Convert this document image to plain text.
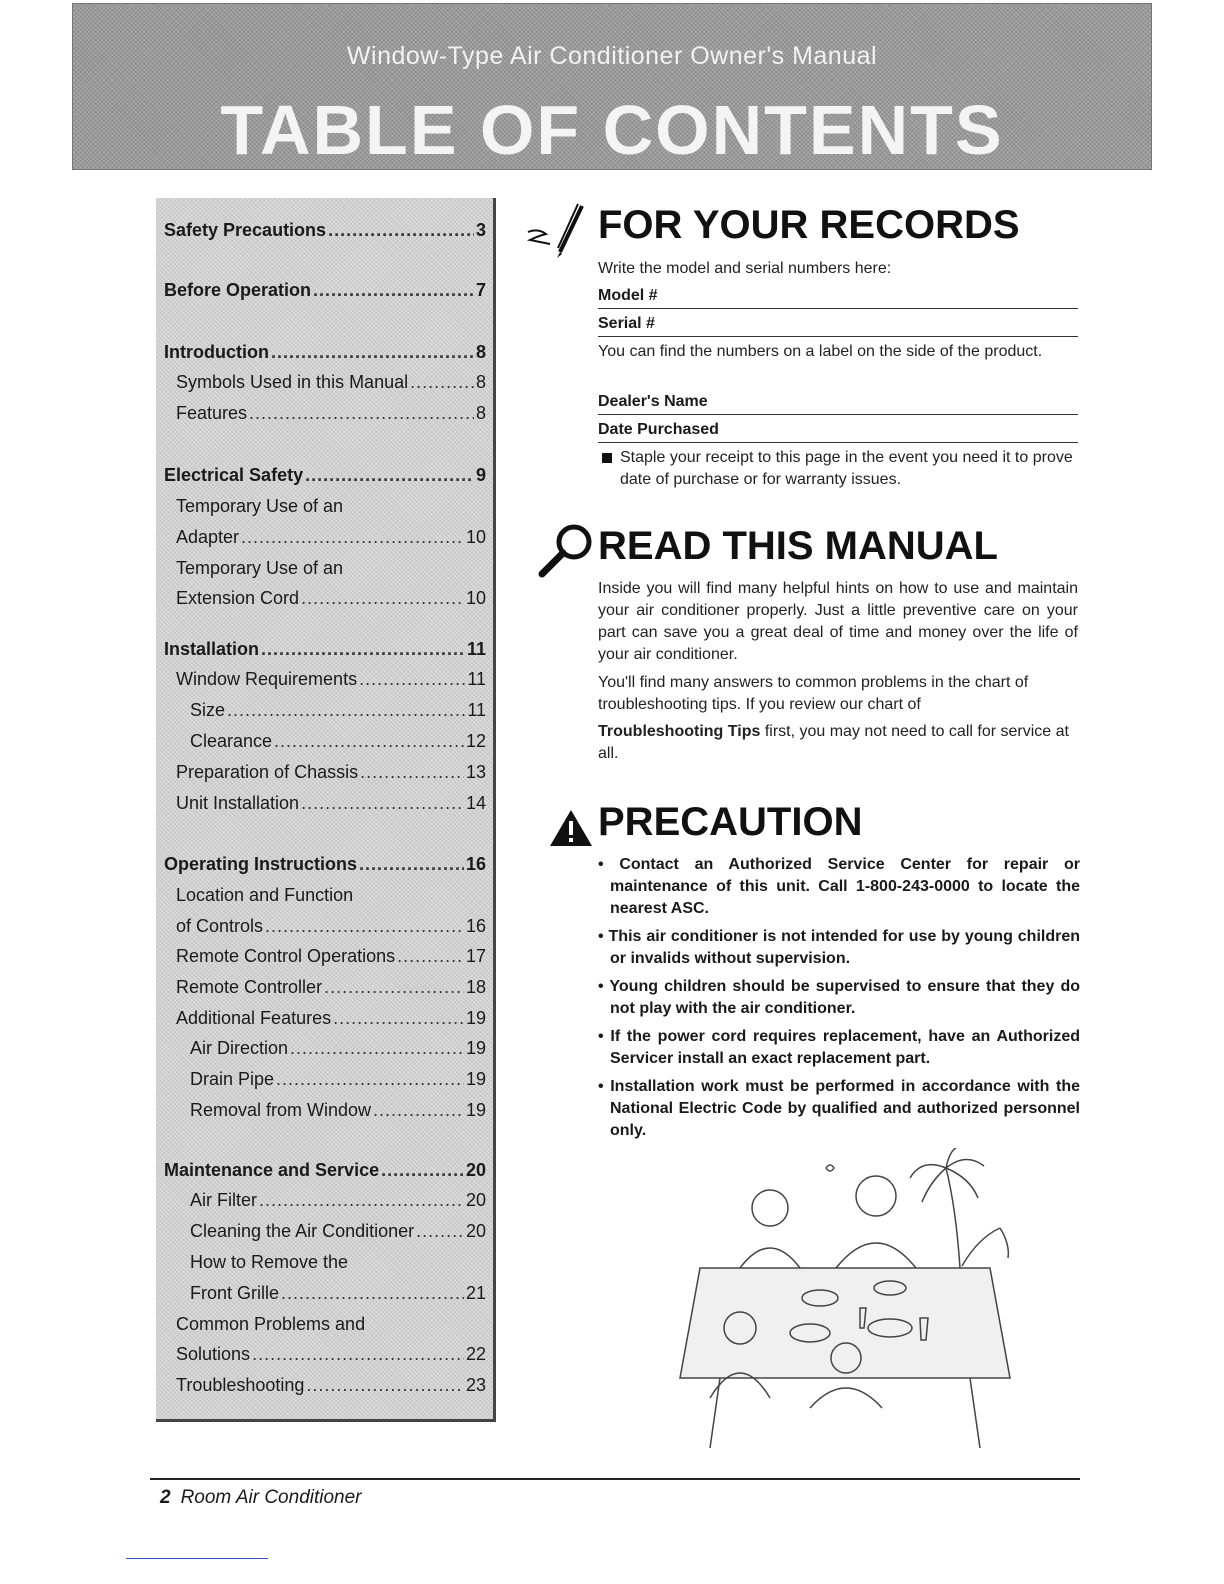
Window-Type Air Conditioner Owner's Manual
TABLE OF CONTENTS
Safety Precautions .....	3
Before Operation .....	7
Introduction .....	8
Symbols Used in this Manual .....	8
Features .....	8
Electrical Safety .....	9
Temporary Use of an
Adapter .....	10
Temporary Use of an
Extension Cord .....	10
Installation .....	11
Window Requirements .....	11
Size .....	11
Clearance .....	12
Preparation of Chassis .....	13
Unit Installation .....	14
Operating Instructions .....	16
Location and Function
of Controls .....	16
Remote Control Operations .....	17
Remote Controller .....	18
Additional Features .....	19
Air Direction .....	19
Drain Pipe .....	19
Removal from Window .....	19
Maintenance and Service .....	20
Air Filter .....	20
Cleaning the Air Conditioner .....	20
How to Remove the
Front Grille .....	21
Common Problems and
Solutions .....	22
Troubleshooting .....	23
FOR YOUR RECORDS
Write the model and serial numbers here:
Model #
Serial #
You can find the numbers on a label on the side of the product.
Dealer's Name
Date Purchased
Staple your receipt to this page in the event you need it to prove date of purchase or for warranty issues.
READ THIS MANUAL
Inside you will find many helpful hints on how to use and maintain your air conditioner properly. Just a little preventive care on your part can save you a great deal of time and money over the life of your air conditioner.
You'll find many answers to common problems in the chart of troubleshooting tips. If you review our chart of
Troubleshooting Tips first, you may not need to call for service at all.
PRECAUTION
• Contact an Authorized Service Center for repair or maintenance of this unit. Call 1-800-243-0000 to locate the nearest ASC.
• This air conditioner is not intended for use by young children or invalids without supervision.
• Young children should be supervised to ensure that they do not play with the air conditioner.
• If the power cord requires replacement, have an Authorized Servicer install an exact replacement part.
• Installation work must be performed in accordance with the National Electric Code by qualified and authorized personnel only.
2 Room Air Conditioner
